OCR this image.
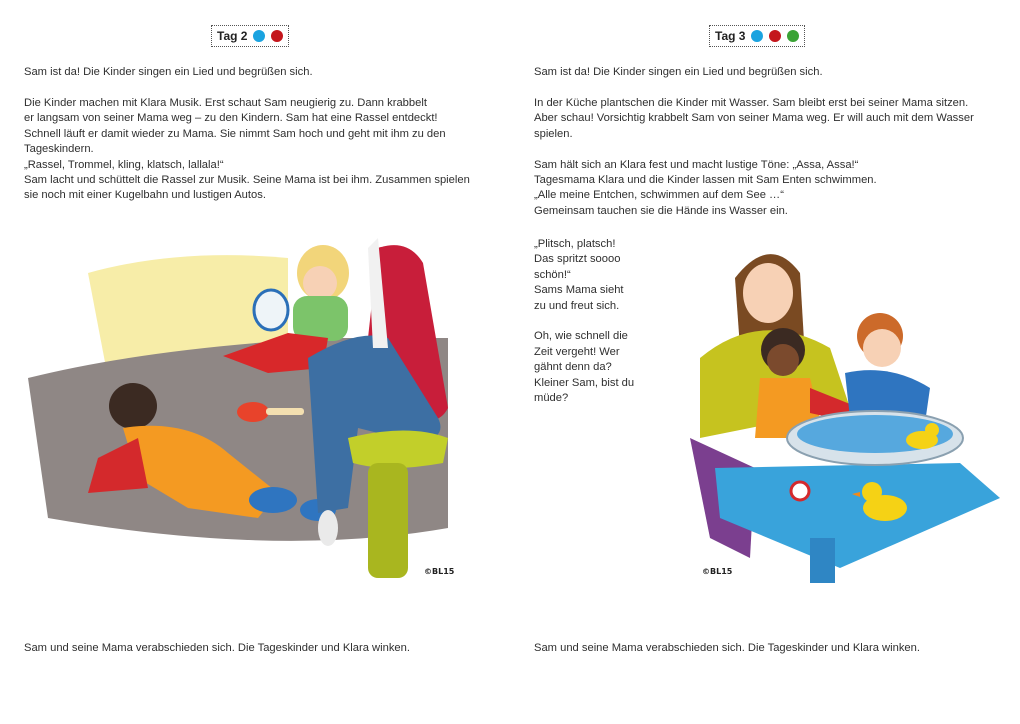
Tag 2
Sam ist da! Die Kinder singen ein Lied und begrüßen sich.
Die Kinder machen mit Klara Musik. Erst schaut Sam neugierig zu. Dann krabbelt
er langsam von seiner Mama weg – zu den Kindern. Sam hat eine Rassel entdeckt!
Schnell läuft er damit wieder zu Mama. Sie nimmt Sam hoch und geht mit ihm zu den
Tageskindern.
„Rassel, Trommel, kling, klatsch, lallala!“
Sam lacht und schüttelt die Rassel zur Musik. Seine Mama ist bei ihm. Zusammen spielen
sie noch mit einer Kugelbahn und lustigen Autos.
©BL15
Sam und seine Mama verabschieden sich. Die Tageskinder und Klara winken.
Tag 3
Sam ist da! Die Kinder singen ein Lied und begrüßen sich.
In der Küche plantschen die Kinder mit Wasser. Sam bleibt erst bei seiner Mama sitzen.
Aber schau! Vorsichtig krabbelt Sam von seiner Mama weg. Er will auch mit dem Wasser
spielen.

Sam hält sich an Klara fest und macht lustige Töne: „Assa, Assa!“
Tagesmama Klara und die Kinder lassen mit Sam Enten schwimmen.
„Alle meine Entchen, schwimmen auf dem See …“
Gemeinsam tauchen sie die Hände ins Wasser ein.
„Plitsch, platsch!
Das spritzt soooo
schön!“
Sams Mama sieht
zu und freut sich.

Oh, wie schnell die
Zeit vergeht! Wer
gähnt denn da?
Kleiner Sam, bist du
müde?
©BL15
Sam und seine Mama verabschieden sich. Die Tageskinder und Klara winken.
